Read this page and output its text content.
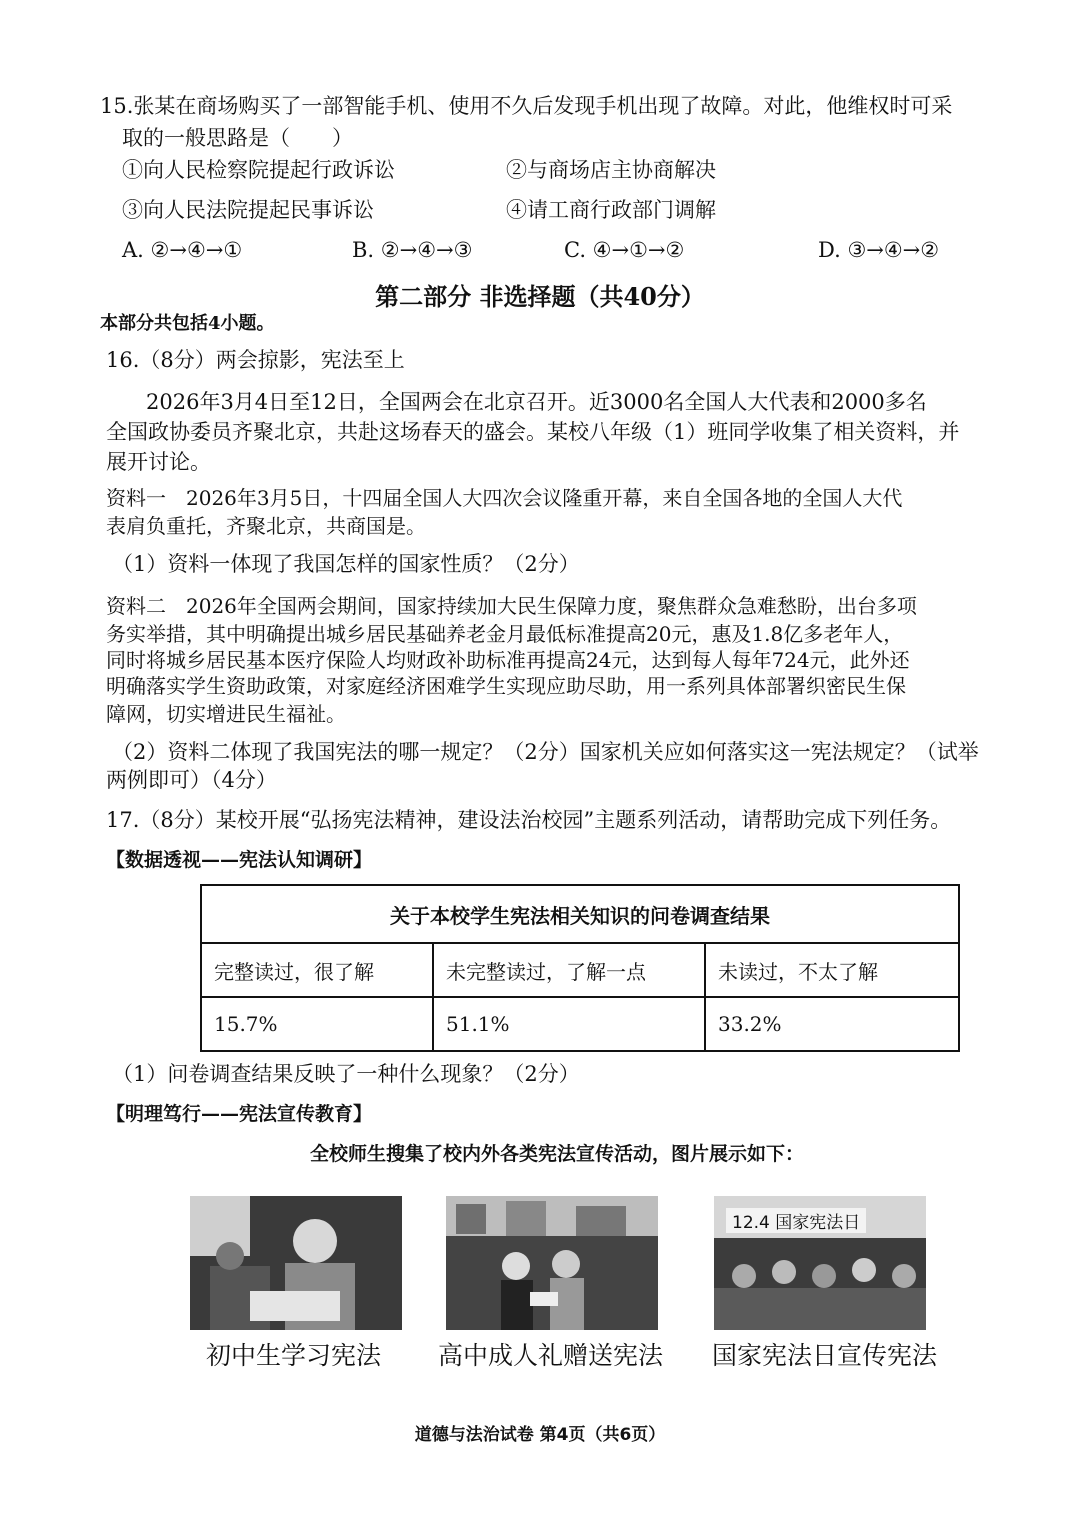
15.张某在商场购买了一部智能手机、使用不久后发现手机出现了故障。对此，他维权时可采
取的一般思路是（　　）
①向人民检察院提起行政诉讼	②与商场店主协商解决
③向人民法院提起民事诉讼	④请工商行政部门调解
A. ②→④→①	B. ②→④→③	C. ④→①→②	D. ③→④→②
第二部分 非选择题（共40分）
本部分共包括4小题。
16.（8分）两会掠影，宪法至上
2026年3月4日至12日，全国两会在北京召开。近3000名全国人大代表和2000多名
全国政协委员齐聚北京，共赴这场春天的盛会。某校八年级（1）班同学收集了相关资料，并
展开讨论。
资料一　2026年3月5日，十四届全国人大四次会议隆重开幕，来自全国各地的全国人大代
表肩负重托，齐聚北京，共商国是。
（1）资料一体现了我国怎样的国家性质？（2分）
资料二　2026年全国两会期间，国家持续加大民生保障力度，聚焦群众急难愁盼，出台多项
务实举措，其中明确提出城乡居民基础养老金月最低标准提高20元，惠及1.8亿多老年人，
同时将城乡居民基本医疗保险人均财政补助标准再提高24元，达到每人每年724元，此外还
明确落实学生资助政策，对家庭经济困难学生实现应助尽助，用一系列具体部署织密民生保
障网，切实增进民生福祉。
（2）资料二体现了我国宪法的哪一规定？（2分）国家机关应如何落实这一宪法规定？（试举
两例即可）（4分）
17.（8分）某校开展“弘扬宪法精神，建设法治校园”主题系列活动，请帮助完成下列任务。
【数据透视——宪法认知调研】
关于本校学生宪法相关知识的问卷调查结果		
完整读过，很了解	未完整读过，了解一点	未读过，不太了解
15.7%	51.1%	33.2%
（1）问卷调查结果反映了一种什么现象？（2分）
【明理笃行——宪法宣传教育】
全校师生搜集了校内外各类宪法宣传活动，图片展示如下：
12.4 国家宪法日
初中生学习宪法 高中成人礼赠送宪法 国家宪法日宣传宪法
道德与法治试卷 第4页（共6页）
